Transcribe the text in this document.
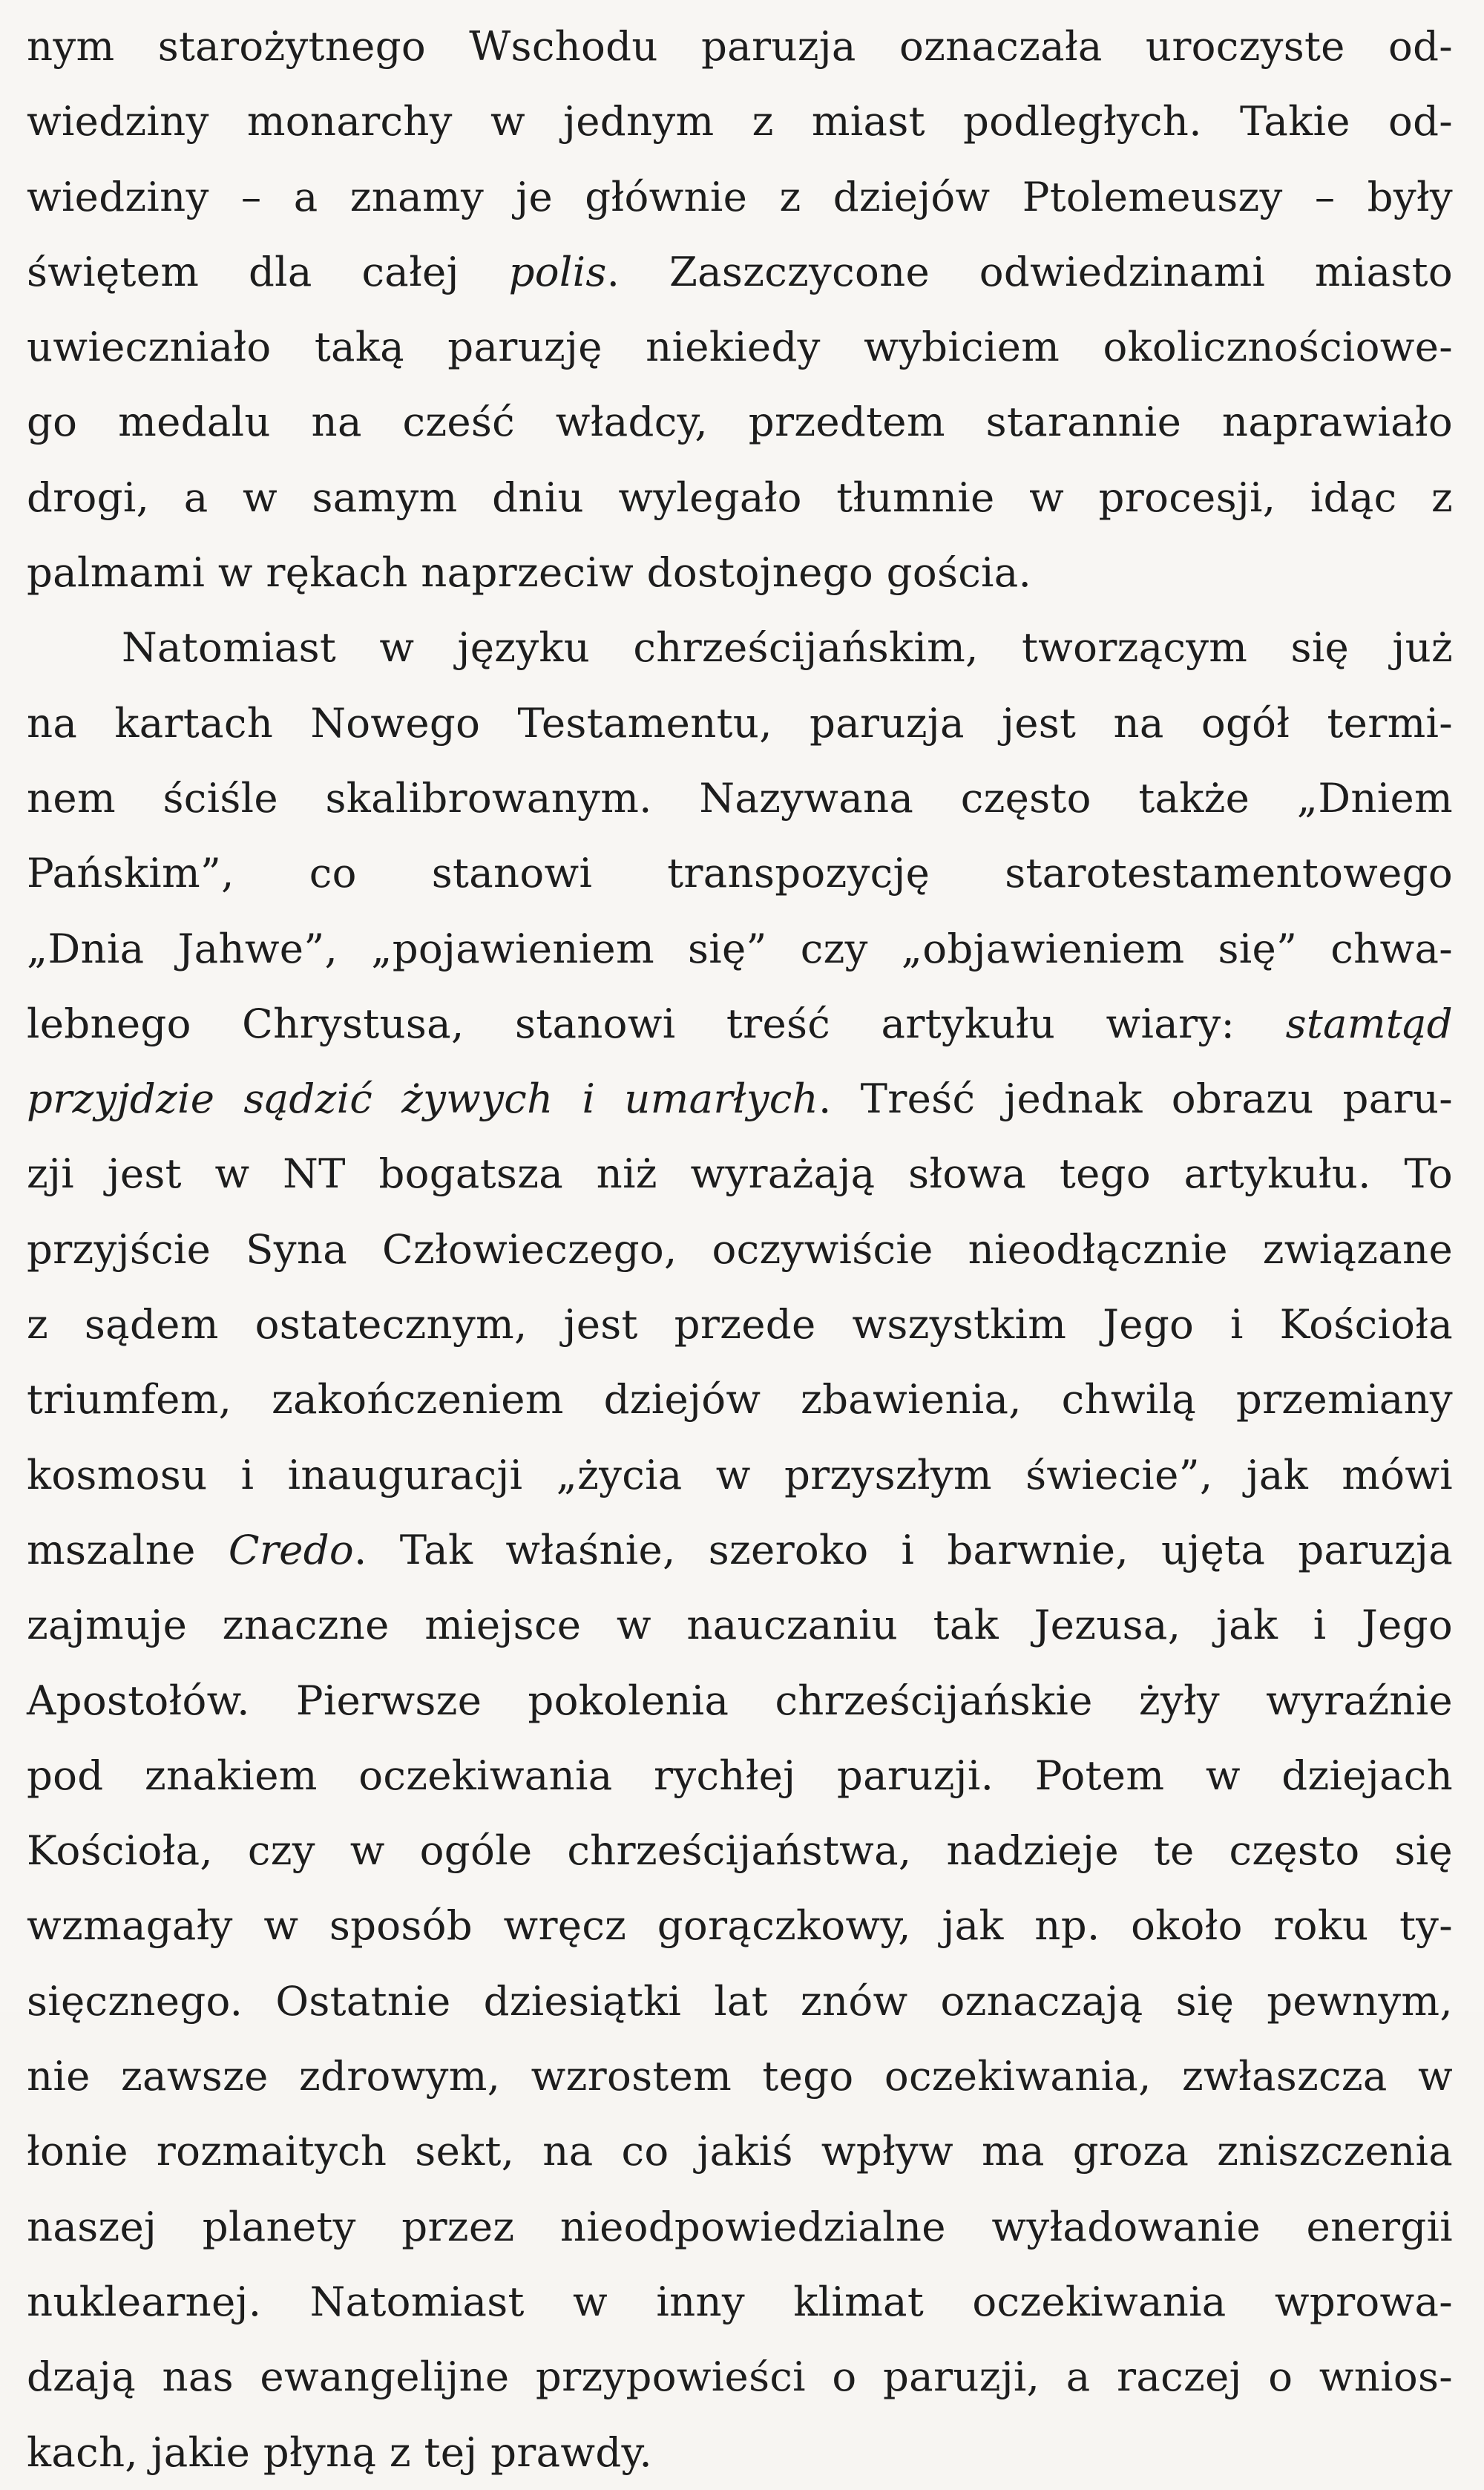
nym starożytnego Wschodu paruzja oznaczała uroczyste od-
wiedziny monarchy w jednym z miast podległych. Takie od-
wiedziny – a znamy je głównie z dziejów Ptolemeuszy – były
świętem dla całej polis. Zaszczycone odwiedzinami miasto
uwieczniało taką paruzję niekiedy wybiciem okolicznościowe-
go medalu na cześć władcy, przedtem starannie naprawiało
drogi, a w samym dniu wylegało tłumnie w procesji, idąc z
palmami w rękach naprzeciw dostojnego gościa.
Natomiast w języku chrześcijańskim, tworzącym się już
na kartach Nowego Testamentu, paruzja jest na ogół termi-
nem ściśle skalibrowanym. Nazywana często także „Dniem
Pańskim”, co stanowi transpozycję starotestamentowego
„Dnia Jahwe”, „pojawieniem się” czy „objawieniem się” chwa-
lebnego Chrystusa, stanowi treść artykułu wiary: stamtąd
przyjdzie sądzić żywych i umarłych. Treść jednak obrazu paru-
zji jest w NT bogatsza niż wyrażają słowa tego artykułu. To
przyjście Syna Człowieczego, oczywiście nieodłącznie związane
z sądem ostatecznym, jest przede wszystkim Jego i Kościoła
triumfem, zakończeniem dziejów zbawienia, chwilą przemiany
kosmosu i inauguracji „życia w przyszłym świecie”, jak mówi
mszalne Credo. Tak właśnie, szeroko i barwnie, ujęta paruzja
zajmuje znaczne miejsce w nauczaniu tak Jezusa, jak i Jego
Apostołów. Pierwsze pokolenia chrześcijańskie żyły wyraźnie
pod znakiem oczekiwania rychłej paruzji. Potem w dziejach
Kościoła, czy w ogóle chrześcijaństwa, nadzieje te często się
wzmagały w sposób wręcz gorączkowy, jak np. około roku ty-
sięcznego. Ostatnie dziesiątki lat znów oznaczają się pewnym,
nie zawsze zdrowym, wzrostem tego oczekiwania, zwłaszcza w
łonie rozmaitych sekt, na co jakiś wpływ ma groza zniszczenia
naszej planety przez nieodpowiedzialne wyładowanie energii
nuklearnej. Natomiast w inny klimat oczekiwania wprowa-
dzają nas ewangelijne przypowieści o paruzji, a raczej o wnios-
kach, jakie płyną z tej prawdy.
